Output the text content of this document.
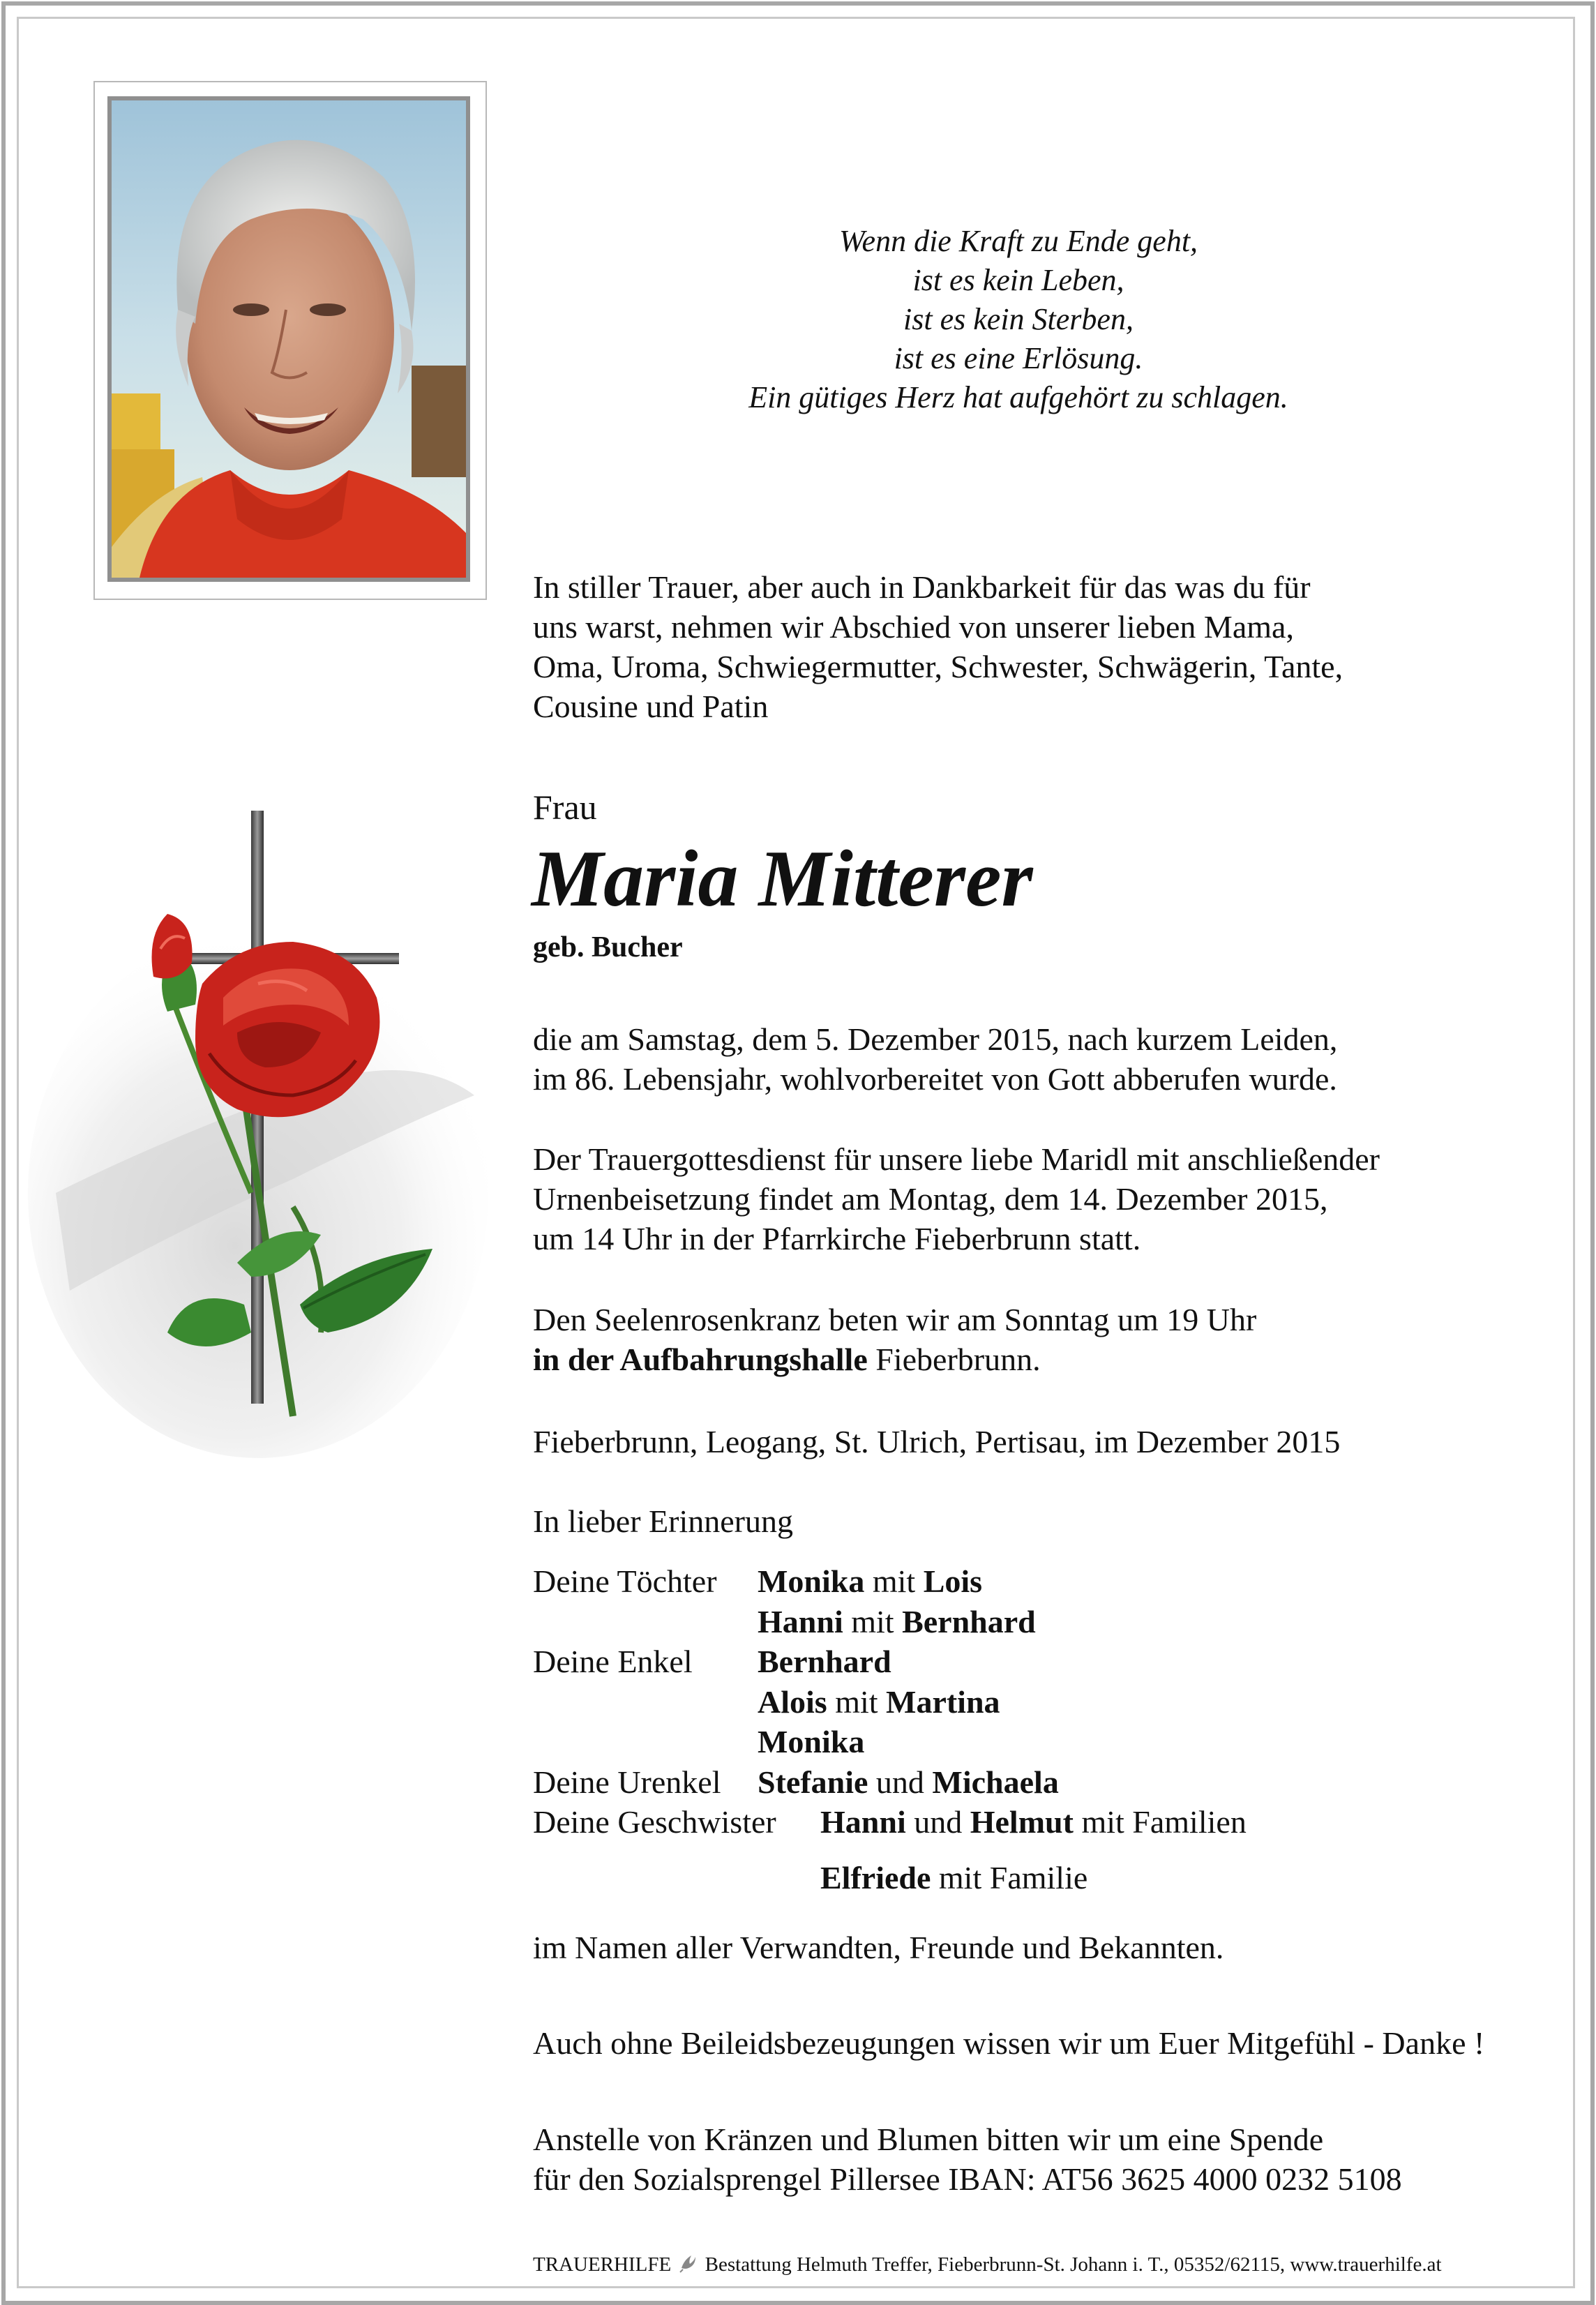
Wenn die Kraft zu Ende geht,
ist es kein Leben,
ist es kein Sterben,
ist es eine Erlösung.
Ein gütiges Herz hat aufgehört zu schlagen.
In stiller Trauer, aber auch in Dankbarkeit für das was du für
uns warst, nehmen wir Abschied von unserer lieben Mama,
Oma, Uroma, Schwiegermutter, Schwester, Schwägerin, Tante,
Cousine und Patin
Frau
Maria Mitterer
geb. Bucher
die am Samstag, dem 5. Dezember 2015, nach kurzem Leiden,
im 86. Lebensjahr, wohlvorbereitet von Gott abberufen wurde.
Der Trauergottesdienst für unsere liebe Maridl mit anschließender
Urnenbeisetzung findet am Montag, dem 14. Dezember 2015,
um 14 Uhr in der Pfarrkirche Fieberbrunn statt.
Den Seelenrosenkranz beten wir am Sonntag um 19 Uhr
in der Aufbahrungshalle Fieberbrunn.
Fieberbrunn, Leogang, St. Ulrich, Pertisau, im Dezember 2015
In lieber Erinnerung
Deine Töchter Monika mit Lois
Hanni mit Bernhard
Deine Enkel Bernhard
Alois mit Martina
Monika
Deine Urenkel Stefanie und Michaela
Deine Geschwister Hanni und Helmut mit Familien
Elfriede mit Familie
im Namen aller Verwandten, Freunde und Bekannten.
Auch ohne Beileidsbezeugungen wissen wir um Euer Mitgefühl - Danke !
Anstelle von Kränzen und Blumen bitten wir um eine Spende
für den Sozialsprengel Pillersee IBAN: AT56 3625 4000 0232 5108
TRAUERHILFE Bestattung Helmuth Treffer, Fieberbrunn-St. Johann i. T., 05352/62115, www.trauerhilfe.at
